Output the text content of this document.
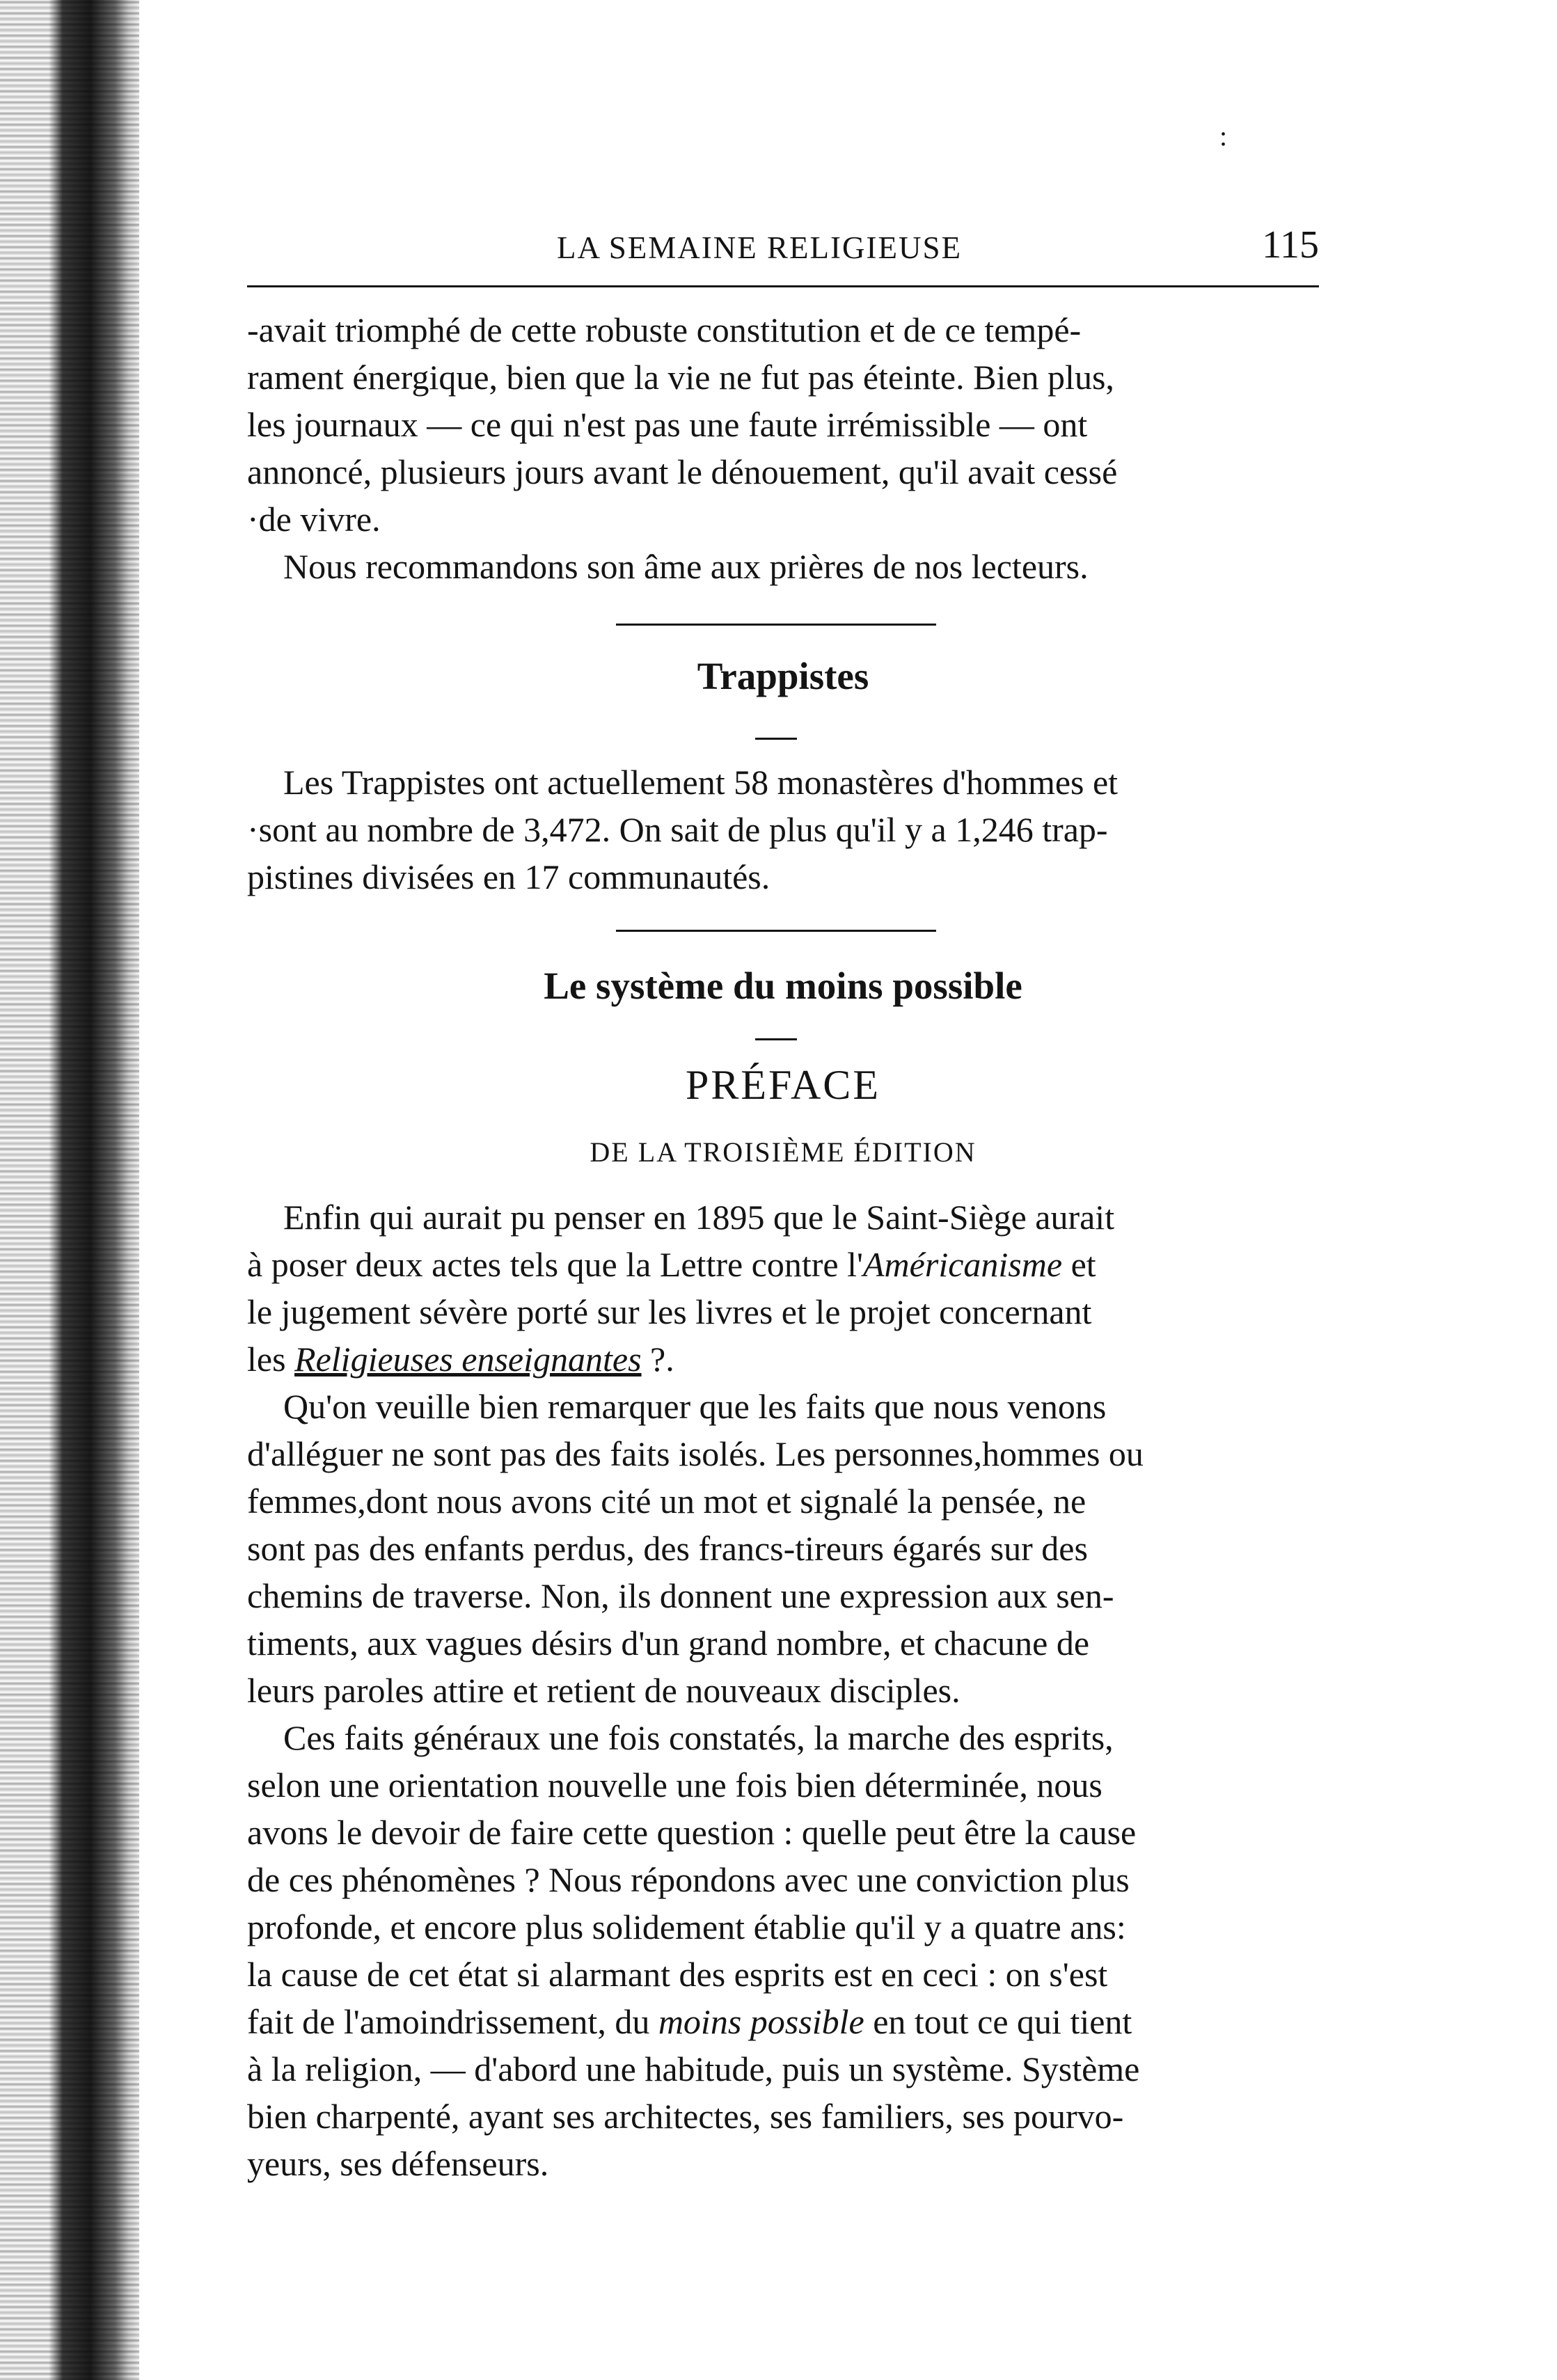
:
LA SEMAINE RELIGIEUSE	115

-avait triomphé de cette robuste constitution et de ce tempé-

rament énergique, bien que la vie ne fut pas éteinte. Bien plus,

les journaux — ce qui n'est pas une faute irrémissible — ont

annoncé, plusieurs jours avant le dénouement, qu'il avait cessé

·de vivre.

Nous recommandons son âme aux prières de nos lecteurs.

Trappistes

Les Trappistes ont actuellement 58 monastères d'hommes et

·sont au nombre de 3,472. On sait de plus qu'il y a 1,246 trap-

pistines divisées en 17 communautés.

Le système du moins possible
PRÉFACE
DE LA TROISIÈME ÉDITION

Enfin qui aurait pu penser en 1895 que le Saint-Siège aurait

à poser deux actes tels que la Lettre contre l'Américanisme et

le jugement sévère porté sur les livres et le projet concernant

les Religieuses enseignantes ?.

Qu'on veuille bien remarquer que les faits que nous venons

d'alléguer ne sont pas des faits isolés. Les personnes,hommes ou

femmes,dont nous avons cité un mot et signalé la pensée, ne

sont pas des enfants perdus, des francs-tireurs égarés sur des

chemins de traverse. Non, ils donnent une expression aux sen-

timents, aux vagues désirs d'un grand nombre, et chacune de

leurs paroles attire et retient de nouveaux disciples.

Ces faits généraux une fois constatés, la marche des esprits,

selon une orientation nouvelle une fois bien déterminée, nous

avons le devoir de faire cette question : quelle peut être la cause

de ces phénomènes ? Nous répondons avec une conviction plus

profonde, et encore plus solidement établie qu'il y a quatre ans:

la cause de cet état si alarmant des esprits est en ceci : on s'est

fait de l'amoindrissement, du moins possible en tout ce qui tient

à la religion, — d'abord une habitude, puis un système. Système

bien charpenté, ayant ses architectes, ses familiers, ses pourvo-

yeurs, ses défenseurs.
